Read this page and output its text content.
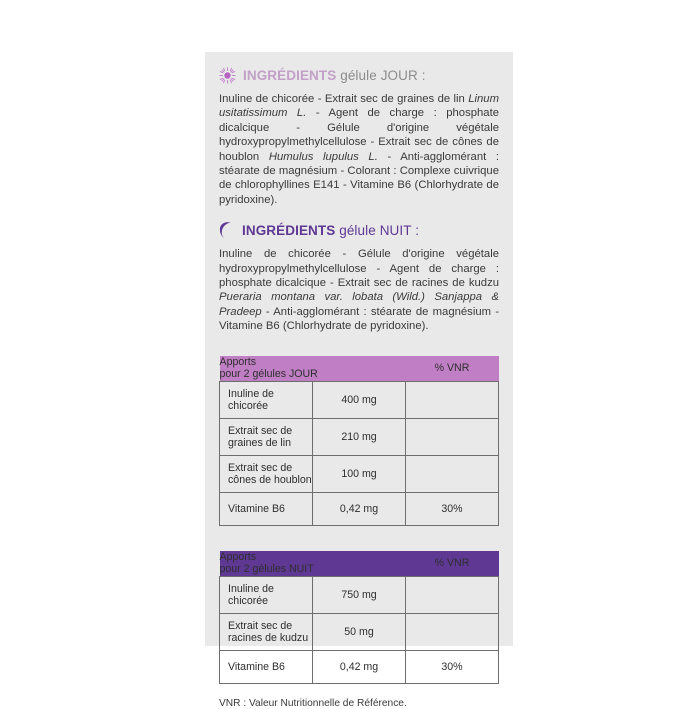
INGRÉDIENTS gélule JOUR :
Inuline de chicorée - Extrait sec de graines de lin Linum usitatissimum L. - Agent de charge : phosphate dicalcique - Gélule d'origine végétale hydroxypropylmethylcellulose - Extrait sec de cônes de houblon Humulus lupulus L. - Anti-agglomérant : stéarate de magnésium - Colorant : Complexe cuivrique de chlorophyllines E141 - Vitamine B6 (Chlorhydrate de pyridoxine).
INGRÉDIENTS gélule NUIT :
Inuline de chicorée - Gélule d'origine végétale hydroxypropylmethylcellulose - Agent de charge : phosphate dicalcique - Extrait sec de racines de kudzu Pueraria montana var. lobata (Wild.) Sanjappa & Pradeep - Anti-agglomérant : stéarate de magnésium - Vitamine B6 (Chlorhydrate de pyridoxine).
Apports
pour 2 gélules JOUR		% VNR
Inuline de chicorée	400 mg	
Extrait sec de graines de lin	210 mg	
Extrait sec de cônes de houblon	100 mg	
Vitamine B6	0,42 mg	30%
Apports
pour 2 gélules NUIT		% VNR
Inuline de chicorée	750 mg	
Extrait sec de racines de kudzu	50 mg	
Vitamine B6	0,42 mg	30%
VNR : Valeur Nutritionnelle de Référence.
